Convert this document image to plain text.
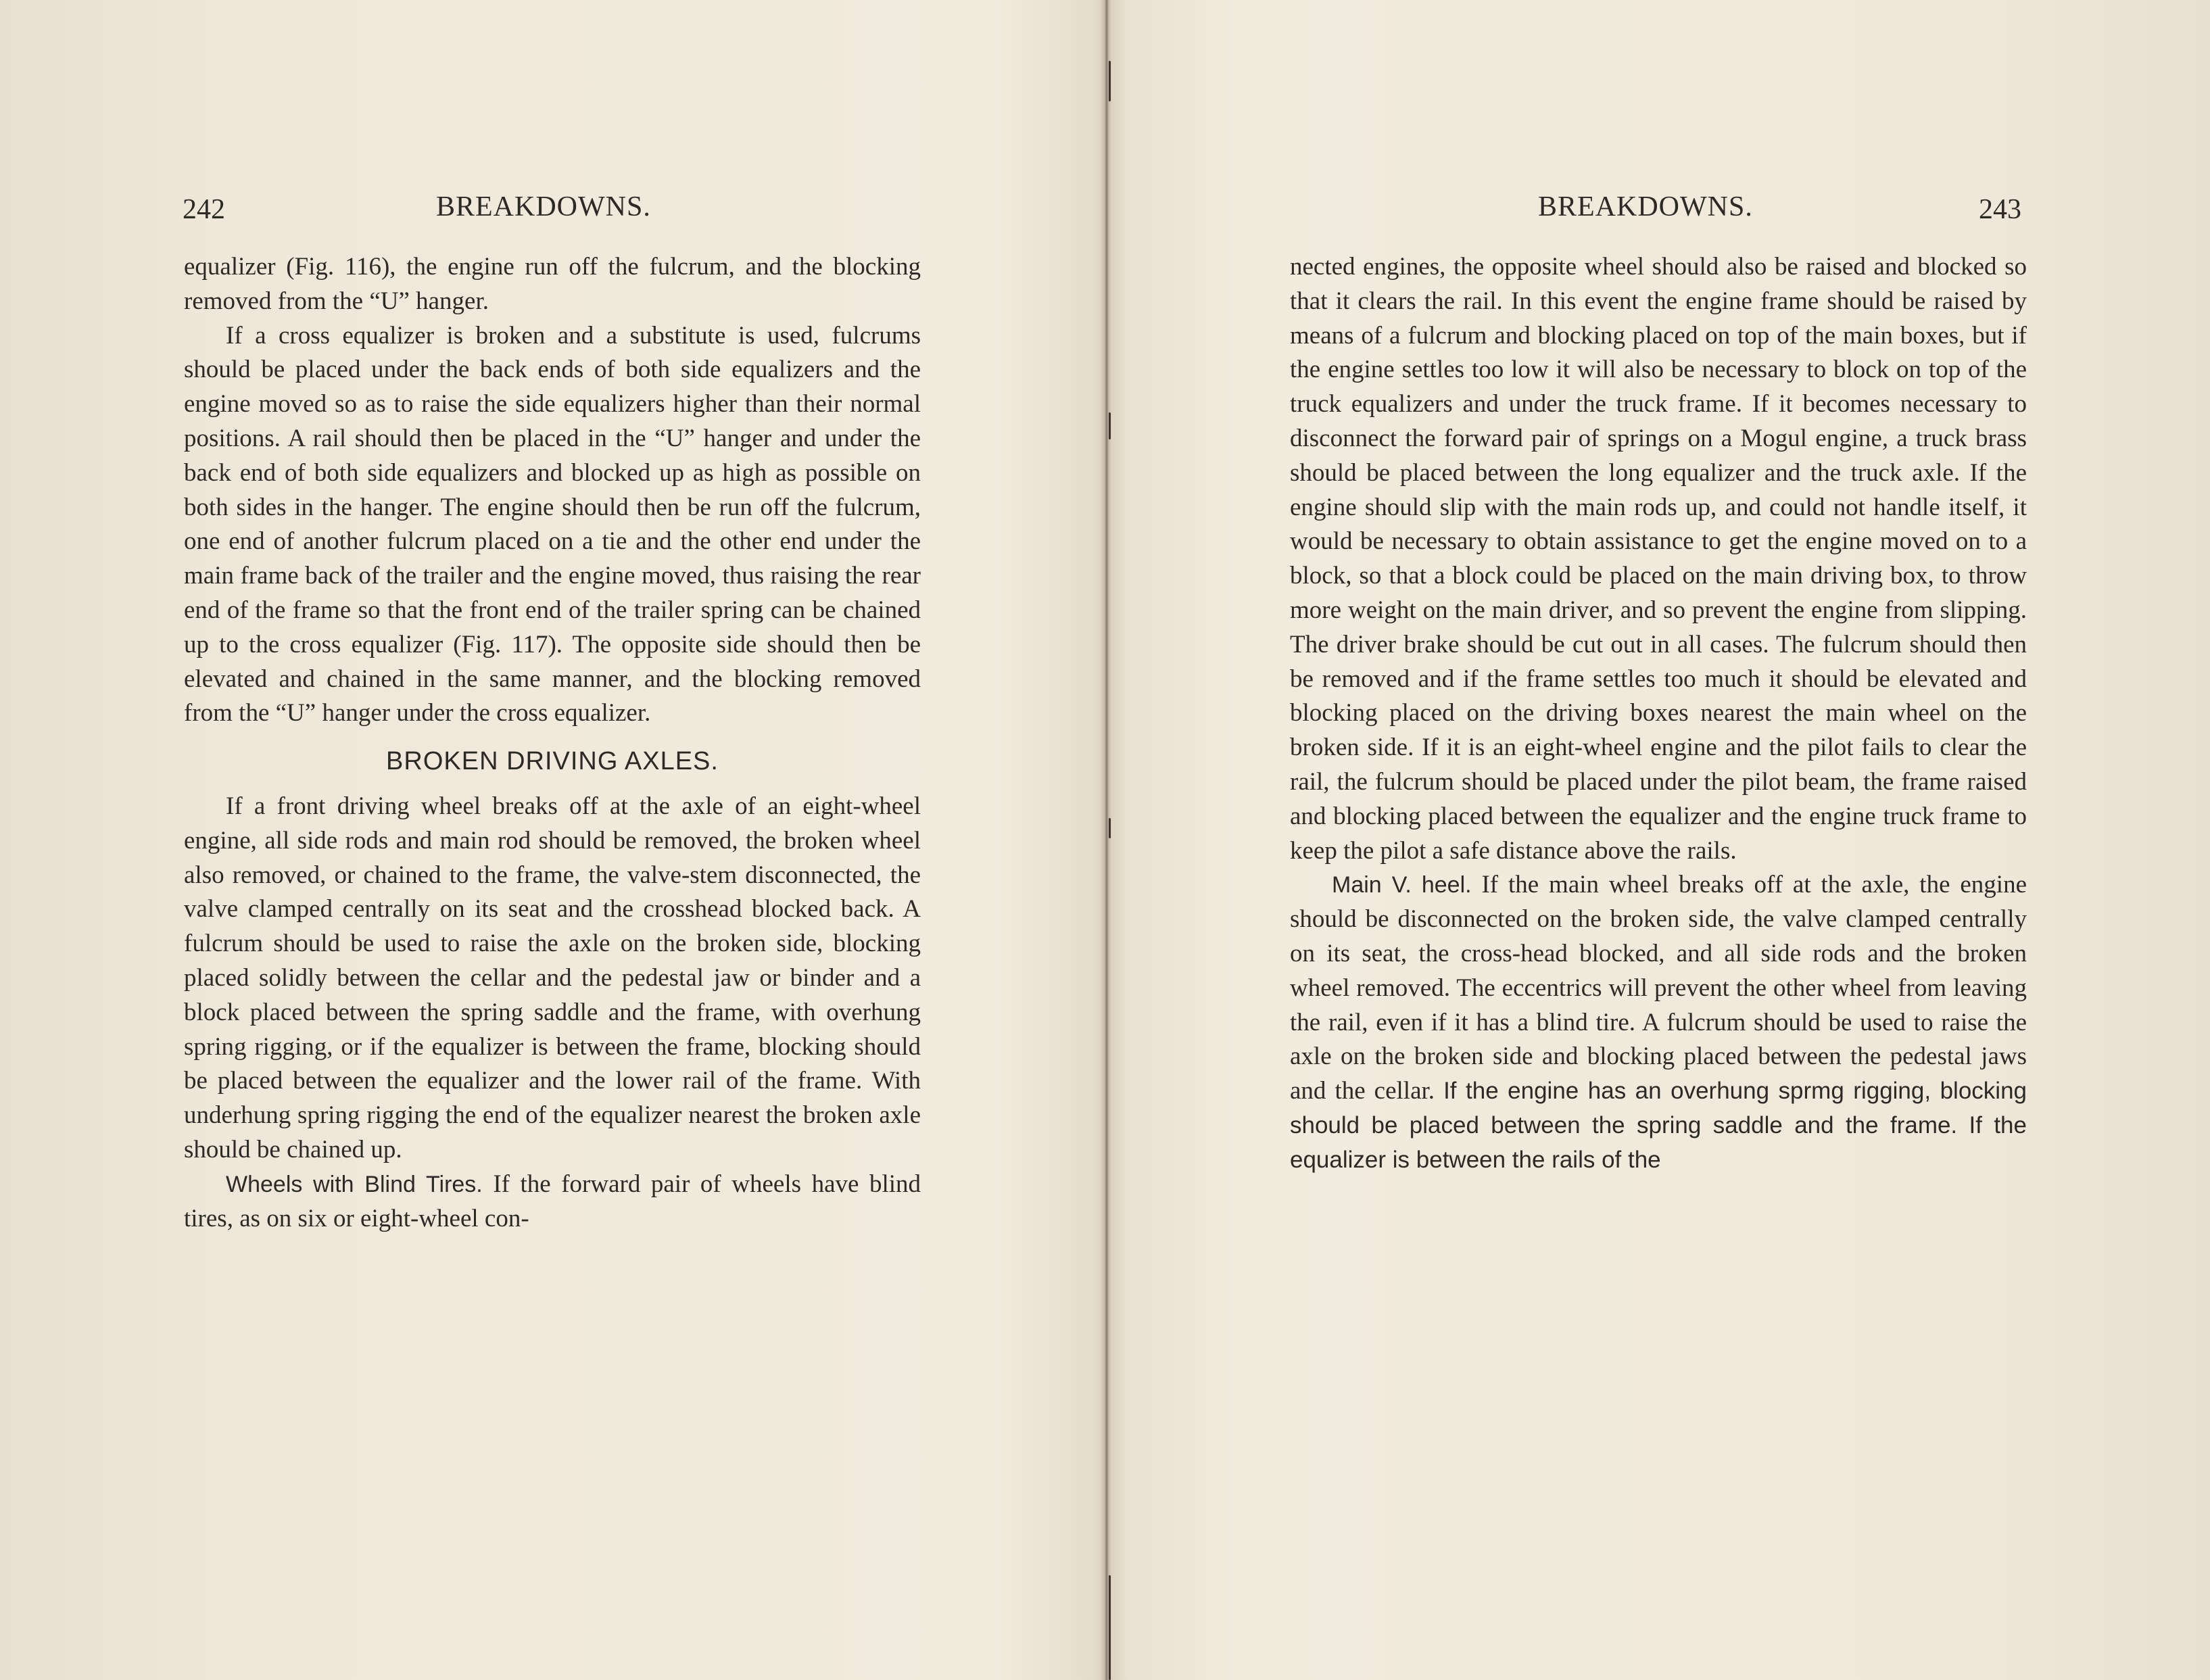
242	BREAKDOWNS.

equalizer (Fig. 116), the engine run off the fulcrum, and the blocking removed from the “U” hanger.

If a cross equalizer is broken and a substitute is used, fulcrums should be placed under the back ends of both side equalizers and the engine moved so as to raise the side equalizers higher than their normal positions. A rail should then be placed in the “U” hanger and under the back end of both side equalizers and blocked up as high as possible on both sides in the hanger. The engine should then be run off the fulcrum, one end of another fulcrum placed on a tie and the other end under the main frame back of the trailer and the engine moved, thus raising the rear end of the frame so that the front end of the trailer spring can be chained up to the cross equalizer (Fig. 117). The opposite side should then be elevated and chained in the same manner, and the blocking removed from the “U” hanger under the cross equalizer.

BROKEN DRIVING AXLES.

If a front driving wheel breaks off at the axle of an eight-wheel engine, all side rods and main rod should be removed, the broken wheel also removed, or chained to the frame, the valve-stem disconnected, the valve clamped centrally on its seat and the crosshead blocked back. A fulcrum should be used to raise the axle on the broken side, blocking placed solidly between the cellar and the pedestal jaw or binder and a block placed between the spring saddle and the frame, with overhung spring rigging, or if the equalizer is between the frame, blocking should be placed between the equalizer and the lower rail of the frame. With underhung spring rigging the end of the equalizer nearest the broken axle should be chained up.

Wheels with Blind Tires. If the forward pair of wheels have blind tires, as on six or eight-wheel con-

BREAKDOWNS.	243

nected engines, the opposite wheel should also be raised and blocked so that it clears the rail. In this event the engine frame should be raised by means of a fulcrum and blocking placed on top of the main boxes, but if the engine settles too low it will also be necessary to block on top of the truck equalizers and under the truck frame. If it becomes necessary to disconnect the forward pair of springs on a Mogul engine, a truck brass should be placed between the long equalizer and the truck axle. If the engine should slip with the main rods up, and could not handle itself, it would be necessary to obtain assistance to get the engine moved on to a block, so that a block could be placed on the main driving box, to throw more weight on the main driver, and so prevent the engine from slipping. The driver brake should be cut out in all cases. The fulcrum should then be removed and if the frame settles too much it should be elevated and blocking placed on the driving boxes nearest the main wheel on the broken side. If it is an eight-wheel engine and the pilot fails to clear the rail, the fulcrum should be placed under the pilot beam, the frame raised and blocking placed between the equalizer and the engine truck frame to keep the pilot a safe distance above the rails.

Main V. heel. If the main wheel breaks off at the axle, the engine should be disconnected on the broken side, the valve clamped centrally on its seat, the cross-head blocked, and all side rods and the broken wheel removed. The eccentrics will prevent the other wheel from leaving the rail, even if it has a blind tire. A fulcrum should be used to raise the axle on the broken side and blocking placed between the pedestal jaws and the cellar. If the engine has an overhung sprmg rigging, blocking should be placed between the spring saddle and the frame. If the equalizer is between the rails of the
